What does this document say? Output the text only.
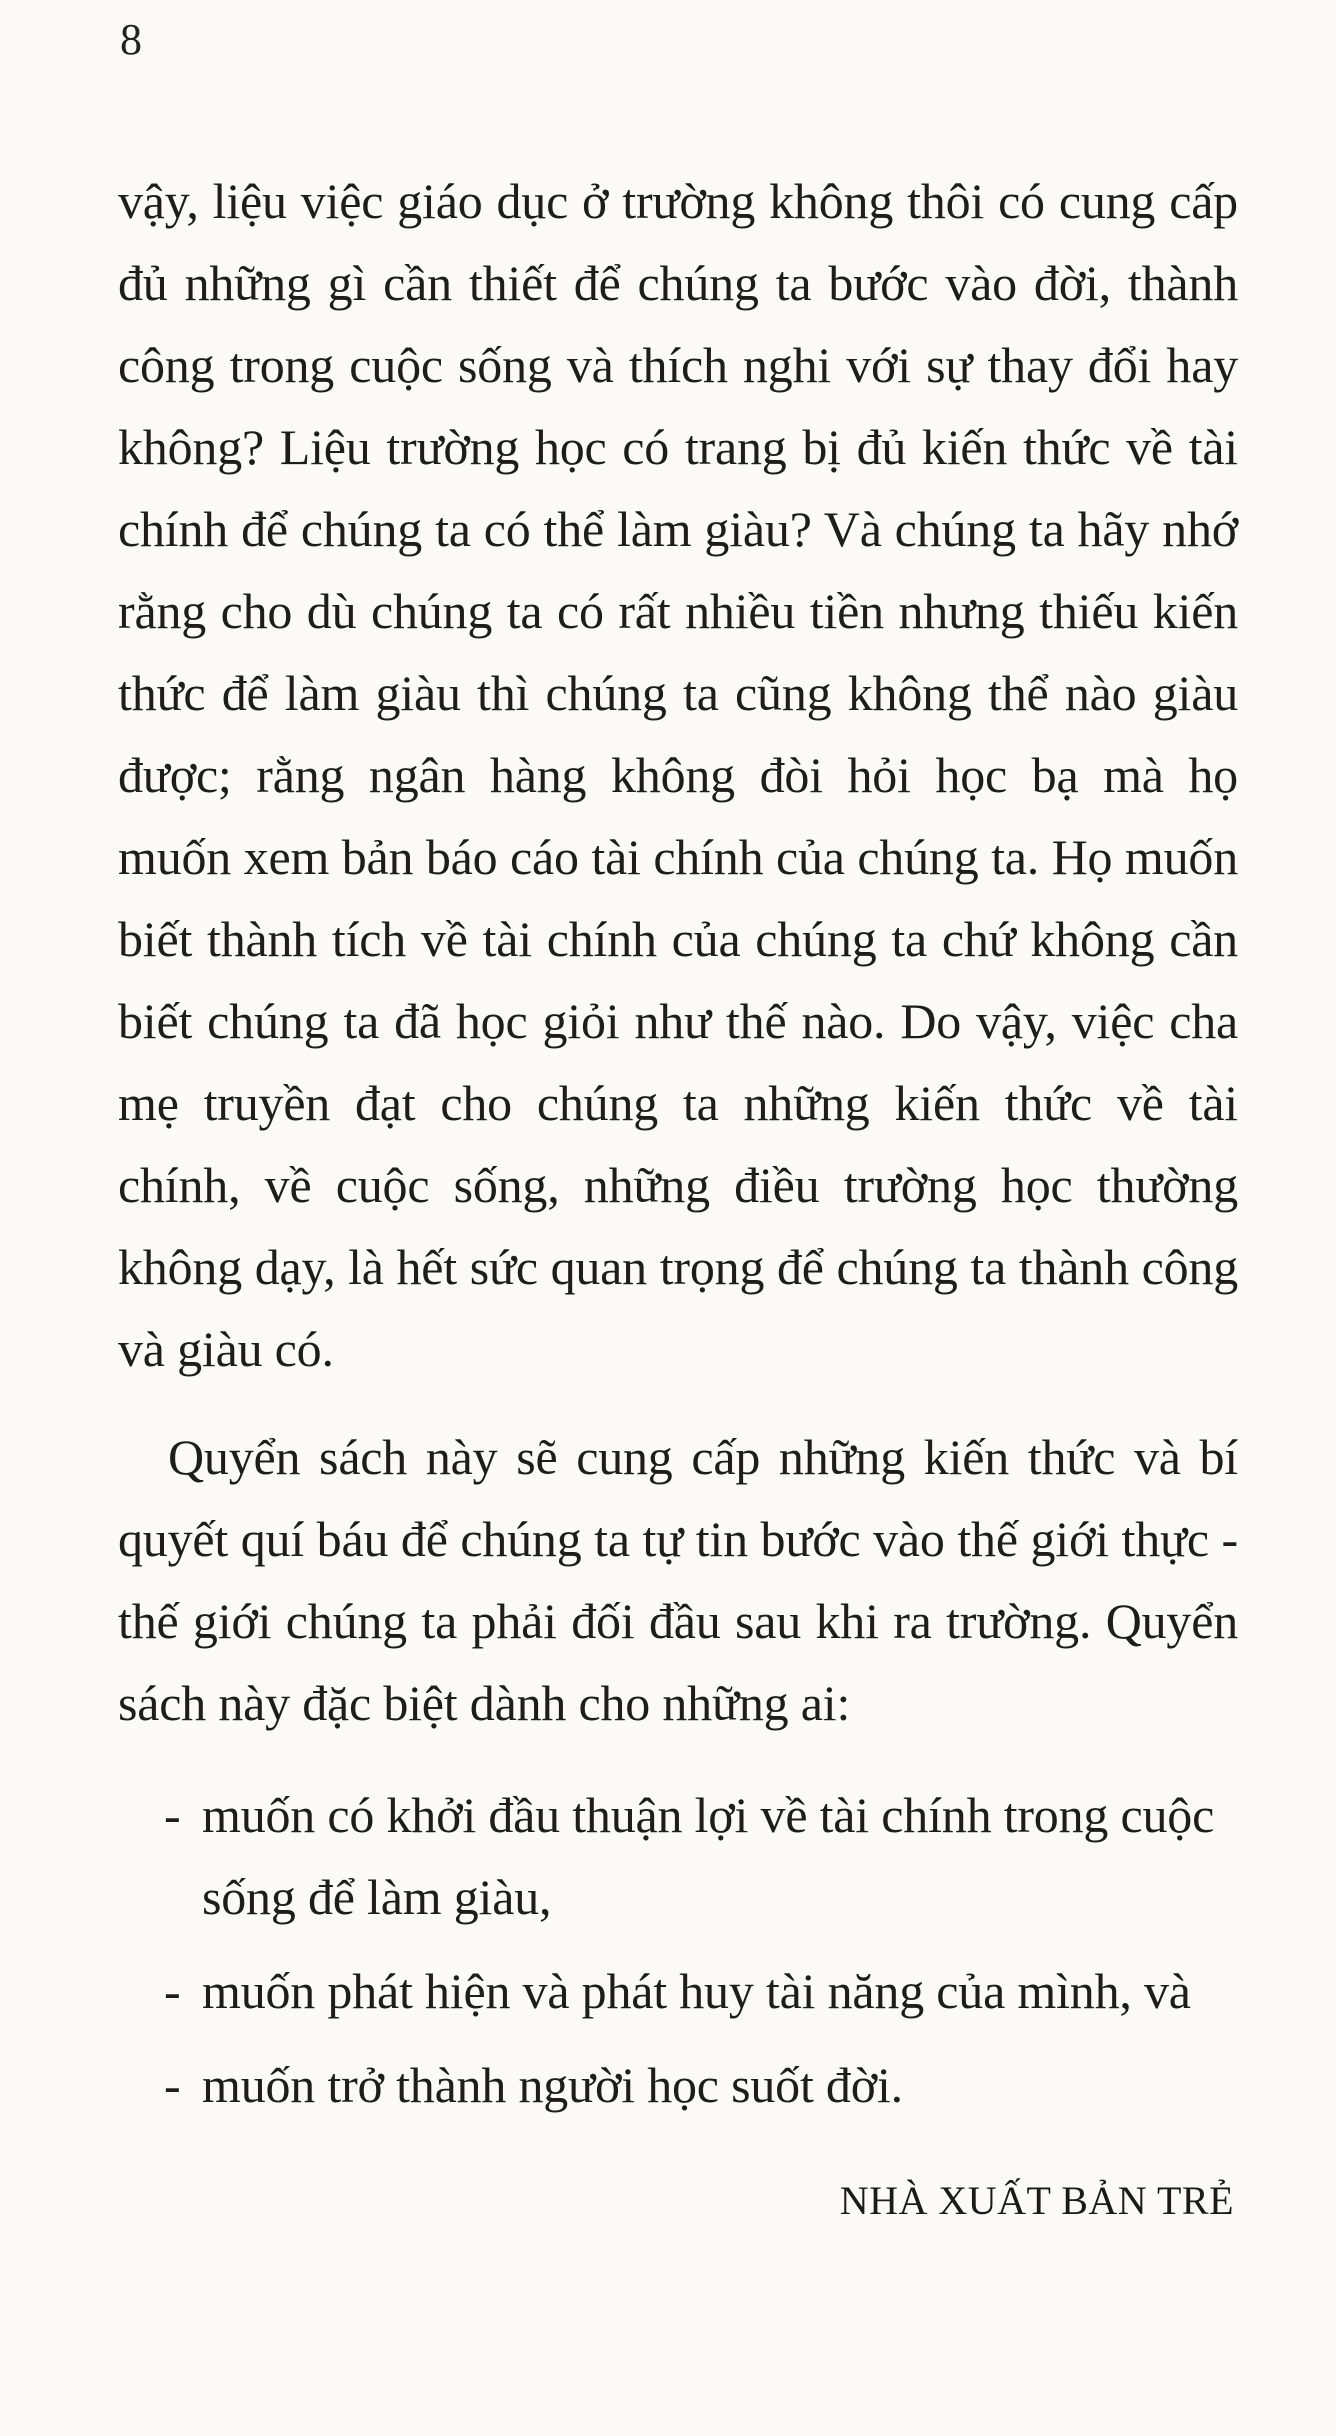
8

vậy, liệu việc giáo dục ở trường không thôi có cung cấp đủ những gì cần thiết để chúng ta bước vào đời, thành công trong cuộc sống và thích nghi với sự thay đổi hay không? Liệu trường học có trang bị đủ kiến thức về tài chính để chúng ta có thể làm giàu? Và chúng ta hãy nhớ rằng cho dù chúng ta có rất nhiều tiền nhưng thiếu kiến thức để làm giàu thì chúng ta cũng không thể nào giàu được; rằng ngân hàng không đòi hỏi học bạ mà họ muốn xem bản báo cáo tài chính của chúng ta. Họ muốn biết thành tích về tài chính của chúng ta chứ không cần biết chúng ta đã học giỏi như thế nào. Do vậy, việc cha mẹ truyền đạt cho chúng ta những kiến thức về tài chính, về cuộc sống, những điều trường học thường không dạy, là hết sức quan trọng để chúng ta thành công và giàu có.

Quyển sách này sẽ cung cấp những kiến thức và bí quyết quí báu để chúng ta tự tin bước vào thế giới thực - thế giới chúng ta phải đối đầu sau khi ra trường. Quyển sách này đặc biệt dành cho những ai:

- muốn có khởi đầu thuận lợi về tài chính trong cuộc sống để làm giàu,
- muốn phát hiện và phát huy tài năng của mình, và
- muốn trở thành người học suốt đời.
NHÀ XUẤT BẢN TRẺ
